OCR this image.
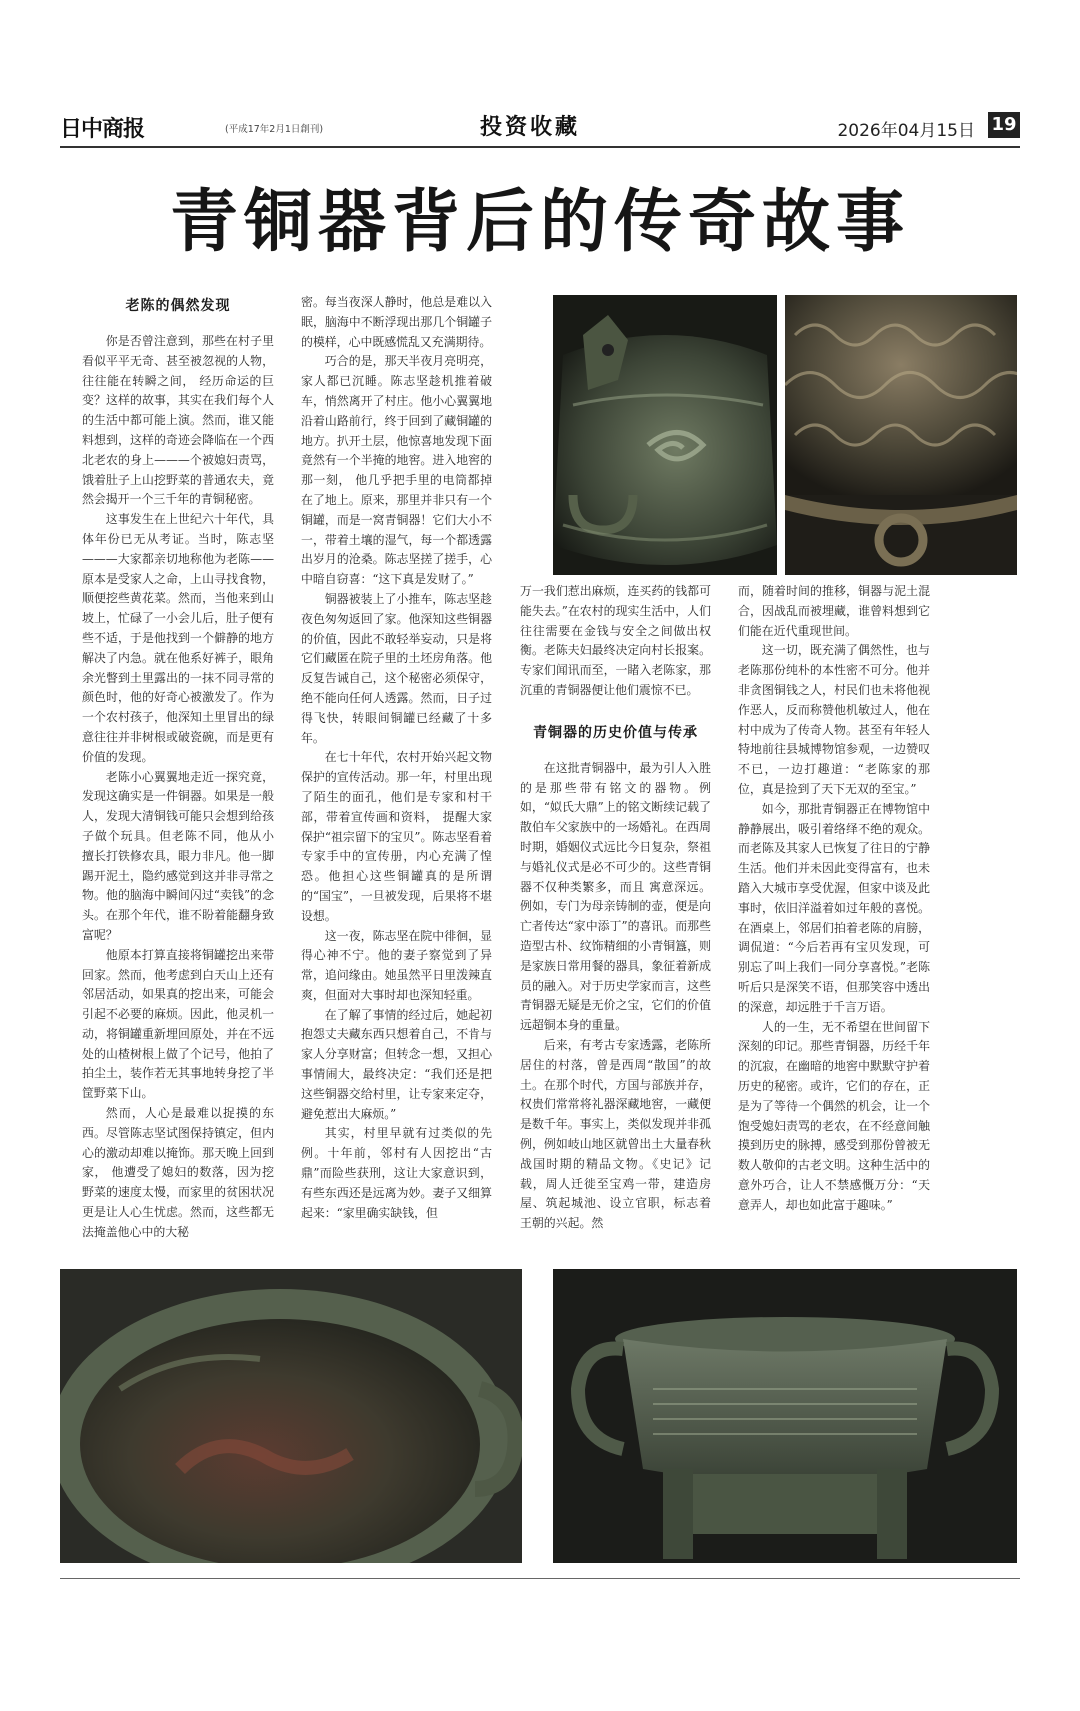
日中商报	(平成17年2月1日創刊)	投资收藏	2026年04月15日 19
青铜器背后的传奇故事
老陈的偶然发现

你是否曾注意到，那些在村子里看似平平无奇、甚至被忽视的人物，往往能在转瞬之间， 经历命运的巨变？这样的故事，其实在我们每个人的生活中都可能上演。然而，谁又能料想到，这样的奇迹会降临在一个西北老农的身上———个被媳妇责骂，饿着肚子上山挖野菜的普通农夫，竟然会揭开一个三千年的青铜秘密。

这事发生在上世纪六十年代，具体年份已无从考证。当时，陈志坚———大家都亲切地称他为老陈—— 原本是受家人之命，上山寻找食物，顺便挖些黄花菜。然而，当他来到山坡上，忙碌了一小会儿后，肚子便有些不适，于是他找到一个僻静的地方解决了内急。就在他系好裤子，眼角余光瞥到土里露出的一抹不同寻常的颜色时，他的好奇心被激发了。作为一个农村孩子，他深知土里冒出的绿意往往并非树根或破瓷碗，而是更有价值的发现。

老陈小心翼翼地走近一探究竟，发现这确实是一件铜器。如果是一般人，发现大清铜钱可能只会想到给孩子做个玩具。但老陈不同，他从小 擅长打铁修农具，眼力非凡。他一脚踢开泥土，隐约感觉到这并非寻常之物。他的脑海中瞬间闪过“卖钱”的念头。在那个年代，谁不盼着能翻身致富呢？

他原本打算直接将铜罐挖出来带回家。然而，他考虑到白天山上还有邻居活动，如果真的挖出来，可能会引起不必要的麻烦。因此，他灵机一动，将铜罐重新埋回原处，并在不远处的山楂树根上做了个记号，他拍了拍尘土，装作若无其事地转身挖了半筐野菜下山。

然而，人心是最难以捉摸的东西。尽管陈志坚试图保持镇定，但内心的激动却难以掩饰。那天晚上回到家， 他遭受了媳妇的数落，因为挖野菜的速度太慢，而家里的贫困状况更是让人心生忧虑。然而，这些都无法掩盖他心中的大秘

密。每当夜深人静时，他总是难以入眠，脑海中不断浮现出那几个铜罐子的模样，心中既感慌乱又充满期待。

巧合的是，那天半夜月亮明亮，家人都已沉睡。陈志坚趁机推着破车，悄然离开了村庄。他小心翼翼地沿着山路前行，终于回到了藏铜罐的地方。扒开土层，他惊喜地发现下面竟然有一个半掩的地窖。进入地窖的那一刻， 他几乎把手里的电筒都掉在了地上。原来，那里并非只有一个铜罐，而是一窝青铜器！它们大小不一，带着土壤的湿气，每一个都透露出岁月的沧桑。陈志坚搓了搓手，心中暗自窃喜：“这下真是发财了。”

铜器被装上了小推车，陈志坚趁夜色匆匆返回了家。他深知这些铜器的价值，因此不敢轻举妄动，只是将它们藏匿在院子里的土坯房角落。他反复告诫自己，这个秘密必须保守，绝不能向任何人透露。然而，日子过得飞快，转眼间铜罐已经藏了十多年。

在七十年代，农村开始兴起文物保护的宣传活动。那一年，村里出现了陌生的面孔，他们是专家和村干部，带着宣传画和资料， 提醒大家保护“祖宗留下的宝贝”。陈志坚看着专家手中的宣传册，内心充满了惶恐。他担心这些铜罐真的是所谓的“国宝”，一旦被发现，后果将不堪设想。

这一夜，陈志坚在院中徘徊，显得心神不宁。他的妻子察觉到了异常，追问缘由。她虽然平日里泼辣直爽，但面对大事时却也深知轻重。

在了解了事情的经过后，她起初抱怨丈夫藏东西只想着自己，不肯与家人分享财富；但转念一想，又担心事情闹大，最终决定：“我们还是把这些铜器交给村里，让专家来定夺，避免惹出大麻烦。”

其实，村里早就有过类似的先例。十年前，邻村有人因挖出“古鼎”而险些获刑，这让大家意识到，有些东西还是远离为妙。妻子又细算起来：“家里确实缺钱，但

万一我们惹出麻烦，连买药的钱都可能失去。”在农村的现实生活中，人们往往需要在金钱与安全之间做出权衡。老陈夫妇最终决定向村长报案。专家们闻讯而至，一睹入老陈家，那沉重的青铜器便让他们震惊不已。

青铜器的历史价值与传承

在这批青铜器中，最为引人入胜的是那些带有铭文的器物。例如，“姒氏大鼎”上的铭文断续记载了散伯车父家族中的一场婚礼。在西周时期，婚姻仪式远比今日复杂，祭祖与婚礼仪式是必不可少的。这些青铜器不仅种类繁多，而且 寓意深远。例如，专门为母亲铸制的壶，便是向亡者传达“家中添丁”的喜讯。而那些造型古朴、纹饰精细的小青铜簋，则是家族日常用餐的器具，象征着新成员的融入。对于历史学家而言，这些青铜器无疑是无价之宝，它们的价值远超铜本身的重量。

后来，有考古专家透露，老陈所居住的村落，曾是西周“散国”的故土。在那个时代，方国与部族并存，权贵们常常将礼器深藏地窖，一藏便是数千年。事实上，类似发现并非孤例，例如岐山地区就曾出土大量春秋战国时期的精品文物。《史记》记载，周人迁徙至宝鸡一带，建造房屋、筑起城池、设立官职，标志着 王朝的兴起。然

而，随着时间的推移，铜器与泥土混合，因战乱而被埋藏，谁曾料想到它们能在近代重现世间。

这一切，既充满了偶然性，也与老陈那份纯朴的本性密不可分。他并非贪图铜钱之人，村民们也未将他视作恶人，反而称赞他机敏过人，他在村中成为了传奇人物。甚至有年轻人特地前往县城博物馆参观，一边赞叹不已，一边打趣道：“老陈家的那位，真是捡到了天下无双的至宝。”

如今，那批青铜器正在博物馆中静静展出，吸引着络绎不绝的观众。而老陈及其家人已恢复了往日的宁静生活。他们并未因此变得富有，也未踏入大城市享受优渥，但家中谈及此事时，依旧洋溢着如过年般的喜悦。在酒桌上，邻居们拍着老陈的肩膀，调侃道：“今后若再有宝贝发现，可别忘了叫上我们一同分享喜悦。”老陈听后只是深笑不语，但那笑容中透出的深意，却远胜于千言万语。

人的一生，无不希望在世间留下深刻的印记。那些青铜器，历经千年的沉寂，在幽暗的地窖中默默守护着历史的秘密。或许，它们的存在，正是为了等待一个偶然的机会，让一个饱受媳妇责骂的老农，在不经意间触摸到历史的脉搏，感受到那份曾被无数人敬仰的古老文明。这种生活中的意外巧合，让人不禁感慨万分：“天意弄人，却也如此富于趣味。”
